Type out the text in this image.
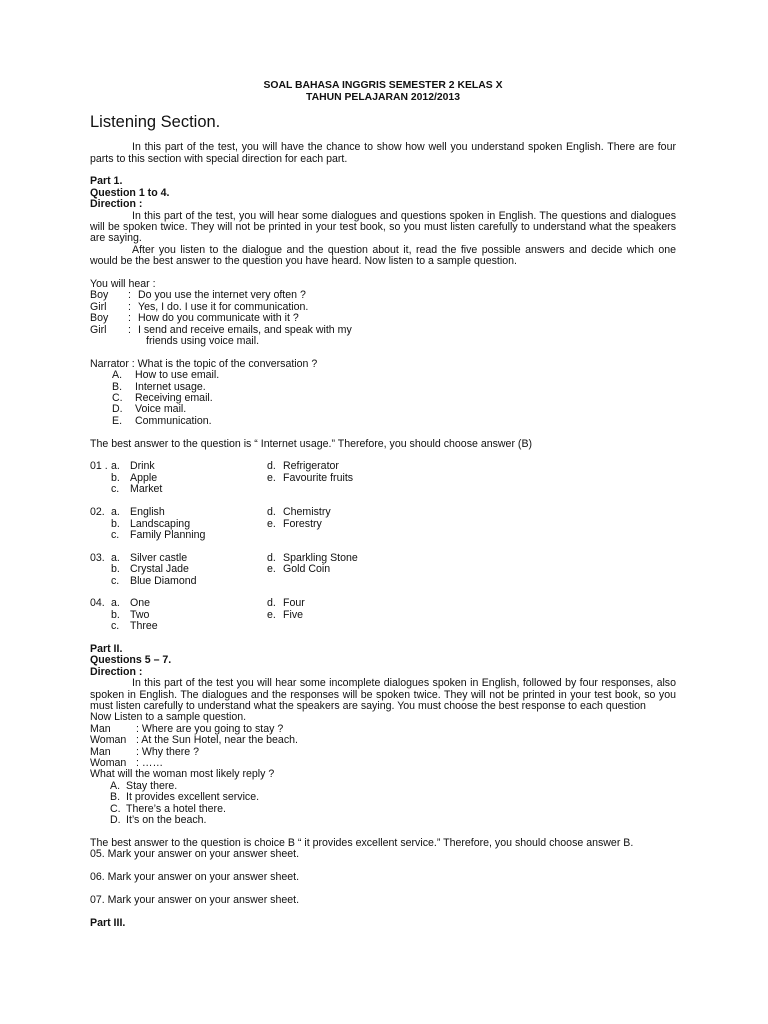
SOAL BAHASA INGGRIS SEMESTER 2 KELAS X
TAHUN PELAJARAN 2012/2013
Listening Section.
In this part of the test, you will have the chance to show how well you understand spoken English. There are four parts to this section with special direction for each part.
Part 1.
Question 1 to 4.
Direction :
In this part of the test, you will hear some dialogues and questions spoken in English. The questions and dialogues will be spoken twice. They will not be printed in your test book, so you must listen carefully to understand what the speakers are saying.
After you listen to the dialogue and the question about it, read the five possible answers and decide which one would be the best answer to the question you have heard. Now listen to a sample question.
You will hear :
Boy	: Do you use the internet very often ?
Girl	: Yes, I do. I use it for communication.
Boy	: How do you communicate with it ?
Girl	: I send and receive emails, and speak with my
friends using voice mail.
Narrator : What is the topic of the conversation ?
A.	How to use email.
B.	Internet usage.
C.	Receiving email.
D.	Voice mail.
E.	Communication.
The best answer to the question is “ Internet usage.” Therefore, you should choose answer (B)
01 . a. Drink	d. Refrigerator
b. Apple	e. Favourite fruits
c.	Market
02. a. English	d. Chemistry
b. Landscaping	e. Forestry
c.	Family Planning
03. a. Silver castle	d. Sparkling Stone
b. Crystal Jade	e. Gold Coin
c.	Blue Diamond
04. a. One	d. Four
b. Two	e. Five
c.	Three
Part II.
Questions 5 – 7.
Direction :
In this part of the test you will hear some incomplete dialogues spoken in English, followed by four responses, also spoken in English. The dialogues and the responses will be spoken twice. They will not be printed in your test book, so you must listen carefully to understand what the speakers are saying. You must choose the best response to each question
Now Listen to a sample question.
Man	: Where are you going to stay ?
Woman : At the Sun Hotel, near the beach.
Man	: Why there ?
Woman : ……
What will the woman most likely reply ?
A. Stay there.
B. It provides excellent service.
C. There’s a hotel there.
D. It’s on the beach.
The best answer to the question is choice B “ it provides excellent service.” Therefore, you should choose answer B.
05. Mark your answer on your answer sheet.
06. Mark your answer on your answer sheet.
07. Mark your answer on your answer sheet.
Part III.
